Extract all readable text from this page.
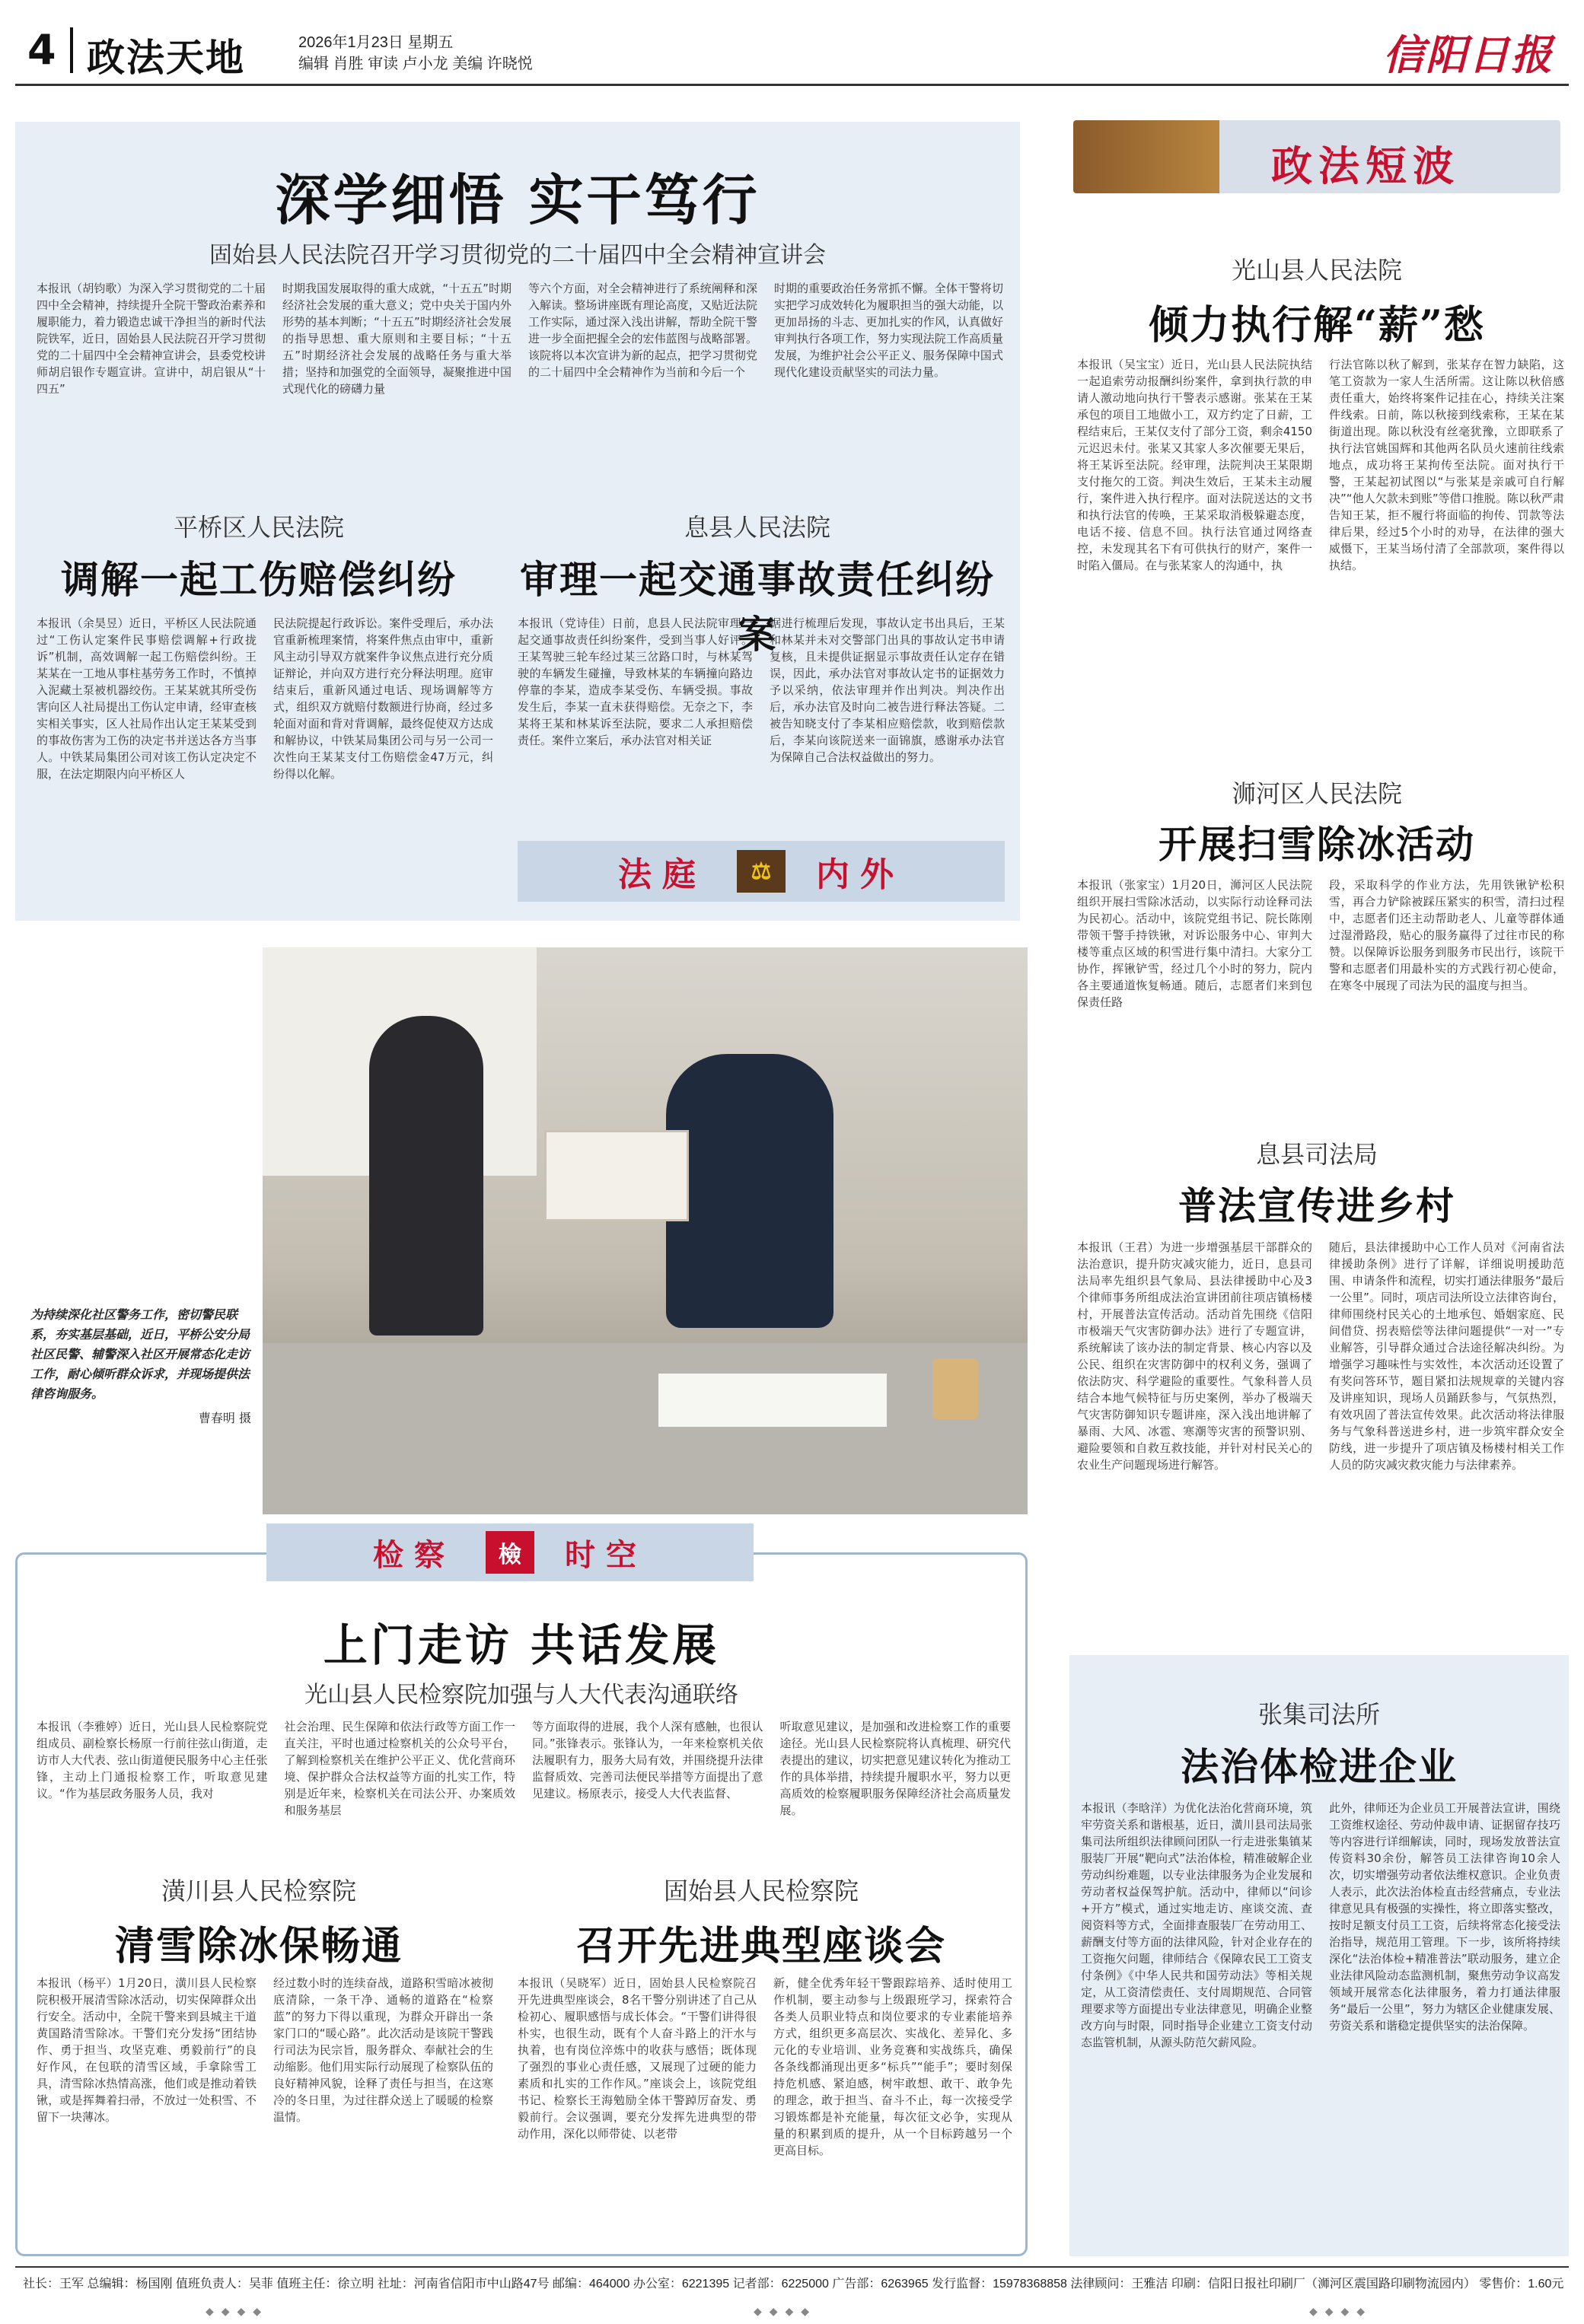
4 政法天地	2026年1月23日 星期五
编辑 肖胜 审读 卢小龙 美编 许晓悦	信阳日报
深学细悟 实干笃行
固始县人民法院召开学习贯彻党的二十届四中全会精神宣讲会

本报讯（胡钧歌）为深入学习贯彻党的二十届四中全会精神，持续提升全院干警政治素养和履职能力，着力锻造忠诚干净担当的新时代法院铁军，近日，固始县人民法院召开学习贯彻党的二十届四中全会精神宣讲会，县委党校讲师胡启银作专题宣讲。宣讲中，胡启银从“十四五”

时期我国发展取得的重大成就，“十五五”时期经济社会发展的重大意义；党中央关于国内外形势的基本判断；“十五五”时期经济社会发展的指导思想、重大原则和主要目标；“十五五”时期经济社会发展的战略任务与重大举措；坚持和加强党的全面领导，凝聚推进中国式现代化的磅礴力量

等六个方面，对全会精神进行了系统阐释和深入解读。整场讲座既有理论高度，又贴近法院工作实际，通过深入浅出讲解，帮助全院干警进一步全面把握全会的宏伟蓝图与战略部署。该院将以本次宣讲为新的起点，把学习贯彻党的二十届四中全会精神作为当前和今后一个

时期的重要政治任务常抓不懈。全体干警将切实把学习成效转化为履职担当的强大动能，以更加昂扬的斗志、更加扎实的作风，认真做好审判执行各项工作，努力实现法院工作高质量发展，为维护社会公平正义、服务保障中国式现代化建设贡献坚实的司法力量。

平桥区人民法院
调解一起工伤赔偿纠纷

本报讯（余昊昱）近日，平桥区人民法院通过“工伤认定案件民事赔偿调解+行政拢诉”机制，高效调解一起工伤赔偿纠纷。王某某在一工地从事柱基劳务工作时，不慎掉入泥藏土泵被机器绞伤。王某某就其所受伤害向区人社局提出工伤认定申请，经审查核实相关事实，区人社局作出认定王某某受到的事故伤害为工伤的决定书并送达各方当事人。中铁某局集团公司对该工伤认定决定不服，在法定期限内向平桥区人

民法院提起行政诉讼。案件受理后，承办法官重新梳理案情，将案件焦点由审中，重新风主动引导双方就案件争议焦点进行充分质证辩论，并向双方进行充分释法明理。庭审结束后，重新风通过电话、现场调解等方式，组织双方就赔付数额进行协商，经过多轮面对面和背对背调解，最终促使双方达成和解协议，中铁某局集团公司与另一公司一次性向王某某支付工伤赔偿金47万元，纠纷得以化解。

息县人民法院
审理一起交通事故责任纠纷案

本报讯（党诗佳）日前，息县人民法院审理一起交通事故责任纠纷案件，受到当事人好评。王某驾驶三轮车经过某三岔路口时，与林某驾驶的车辆发生碰撞，导致林某的车辆撞向路边停靠的李某，造成李某受伤、车辆受损。事故发生后，李某一直未获得赔偿。无奈之下，李某将王某和林某诉至法院，要求二人承担赔偿责任。案件立案后，承办法官对相关证

据进行梳理后发现，事故认定书出具后，王某和林某并未对交警部门出具的事故认定书申请复核，且未提供证据显示事故责任认定存在错误，因此，承办法官对事故认定书的证据效力予以采纳，依法审理并作出判决。判决作出后，承办法官及时向二被告进行释法答疑。二被告知晓支付了李某相应赔偿款，收到赔偿款后，李某向该院送来一面锦旗，感谢承办法官为保障自己合法权益做出的努力。

法庭	⚖	内外
为持续深化社区警务工作，密切警民联系，夯实基层基础，近日，平桥公安分局社区民警、辅警深入社区开展常态化走访工作，耐心倾听群众诉求，并现场提供法律咨询服务。
曹春明 摄
检察	檢	时空
上门走访 共话发展
光山县人民检察院加强与人大代表沟通联络

本报讯（李雅婷）近日，光山县人民检察院党组成员、副检察长杨原一行前往弦山街道，走访市人大代表、弦山街道便民服务中心主任张锋，主动上门通报检察工作，听取意见建议。“作为基层政务服务人员，我对

社会治理、民生保障和依法行政等方面工作一直关注，平时也通过检察机关的公众号平台，了解到检察机关在维护公平正义、优化营商环境、保护群众合法权益等方面的扎实工作，特别是近年来，检察机关在司法公开、办案质效和服务基层

等方面取得的进展，我个人深有感触，也很认同。”张锋表示。张锋认为，一年来检察机关依法履职有力，服务大局有效，并围绕提升法律监督质效、完善司法便民举措等方面提出了意见建议。杨原表示，接受人大代表监督、

听取意见建议，是加强和改进检察工作的重要途径。光山县人民检察院将认真梳理、研究代表提出的建议，切实把意见建议转化为推动工作的具体举措，持续提升履职水平，努力以更高质效的检察履职服务保障经济社会高质量发展。

潢川县人民检察院
清雪除冰保畅通

本报讯（杨平）1月20日，潢川县人民检察院积极开展清雪除冰活动，切实保障群众出行安全。活动中，全院干警来到县城主干道黄国路清雪除冰。干警们充分发扬“团结协作、勇于担当、攻坚克难、勇毅前行”的良好作风，在包联的清雪区域，手拿除雪工具，清雪除冰热情高涨，他们或是推动着铁锹，或是挥舞着扫帚，不放过一处积雪、不留下一块薄冰。

经过数小时的连续奋战，道路积雪暗冰被彻底清除，一条干净、通畅的道路在“检察蓝”的努力下得以重现，为群众开辟出一条家门口的“暖心路”。此次活动是该院干警践行司法为民宗旨，服务群众、奉献社会的生动缩影。他们用实际行动展现了检察队伍的良好精神风貌，诠释了责任与担当，在这寒冷的冬日里，为过往群众送上了暖暖的检察温情。

固始县人民检察院
召开先进典型座谈会

本报讯（吴晓军）近日，固始县人民检察院召开先进典型座谈会，8名干警分别讲述了自己从检初心、履职感悟与成长体会。“干警们讲得很朴实，也很生动，既有个人奋斗路上的汗水与执着，也有岗位淬炼中的收获与感悟；既体现了强烈的事业心责任感，又展现了过硬的能力素质和扎实的工作作风。”座谈会上，该院党组书记、检察长王海勉励全体干警踔厉奋发、勇毅前行。会议强调，要充分发挥先进典型的带动作用，深化以师带徒、以老带

新，健全优秀年轻干警跟踪培养、适时使用工作机制，要主动参与上级跟班学习，探索符合各类人员职业特点和岗位要求的专业素能培养方式，组织更多高层次、实战化、差异化、多元化的专业培训、业务竞赛和实战练兵，确保各条线都涌现出更多“标兵”“能手”；要时刻保持危机感、紧迫感，树牢敢想、敢干、敢争先的理念，敢于担当、奋斗不止，每一次接受学习锻炼都是补充能量，每次征文必争，实现从量的积累到质的提升，从一个目标跨越另一个更高目标。

政法短波
光山县人民法院
倾力执行解“薪”愁

本报讯（吴宝宝）近日，光山县人民法院执结一起追索劳动报酬纠纷案件，拿到执行款的申请人激动地向执行干警表示感谢。张某在王某承包的项目工地做小工，双方约定了日薪，工程结束后，王某仅支付了部分工资，剩余4150元迟迟未付。张某又其家人多次催要无果后，将王某诉至法院。经审理，法院判决王某限期支付拖欠的工资。判决生效后，王某未主动履行，案件进入执行程序。面对法院送达的文书和执行法官的传唤，王某采取消极躲避态度，电话不接、信息不回。执行法官通过网络查控，未发现其名下有可供执行的财产，案件一时陷入僵局。在与张某家人的沟通中，执

行法官陈以秋了解到，张某存在智力缺陷，这笔工资款为一家人生活所需。这让陈以秋倍感责任重大，始终将案件记挂在心，持续关注案件线索。日前，陈以秋接到线索称，王某在某街道出现。陈以秋没有丝毫犹豫，立即联系了执行法官姚国辉和其他两名队员火速前往线索地点，成功将王某拘传至法院。面对执行干警，王某起初试图以“与张某是亲戚可自行解决”“他人欠款未到账”等借口推脱。陈以秋严肃告知王某，拒不履行将面临的拘传、罚款等法律后果，经过5个小时的劝导，在法律的强大威慑下，王某当场付清了全部款项，案件得以执结。

浉河区人民法院
开展扫雪除冰活动

本报讯（张家宝）1月20日，浉河区人民法院组织开展扫雪除冰活动，以实际行动诠释司法为民初心。活动中，该院党组书记、院长陈刚带领干警手持铁锹，对诉讼服务中心、审判大楼等重点区域的积雪进行集中清扫。大家分工协作，挥锹铲雪，经过几个小时的努力，院内各主要通道恢复畅通。随后，志愿者们来到包保责任路

段，采取科学的作业方法，先用铁锹铲松积雪，再合力铲除被踩压紧实的积雪，清扫过程中，志愿者们还主动帮助老人、儿童等群体通过湿滑路段，贴心的服务赢得了过往市民的称赞。以保障诉讼服务到服务市民出行，该院干警和志愿者们用最朴实的方式践行初心使命，在寒冬中展现了司法为民的温度与担当。

息县司法局
普法宣传进乡村

本报讯（王君）为进一步增强基层干部群众的法治意识，提升防灾减灾能力，近日，息县司法局率先组织县气象局、县法律援助中心及3个律师事务所组成法治宣讲团前往项店镇杨楼村，开展普法宣传活动。活动首先围绕《信阳市极端天气灾害防御办法》进行了专题宣讲，系统解读了该办法的制定背景、核心内容以及公民、组织在灾害防御中的权利义务，强调了依法防灾、科学避险的重要性。气象科普人员结合本地气候特征与历史案例，举办了极端天气灾害防御知识专题讲座，深入浅出地讲解了暴雨、大风、冰雹、寒潮等灾害的预警识别、避险要领和自救互救技能，并针对村民关心的农业生产问题现场进行解答。

随后，县法律援助中心工作人员对《河南省法律援助条例》进行了详解，详细说明援助范围、申请条件和流程，切实打通法律服务“最后一公里”。同时，项店司法所设立法律咨询台，律师围绕村民关心的土地承包、婚姻家庭、民间借贷、拐表赔偿等法律问题提供“一对一”专业解答，引导群众通过合法途径解决纠纷。为增强学习趣味性与实效性，本次活动还设置了有奖问答环节，题目紧扣法规规章的关键内容及讲座知识，现场人员踊跃参与，气氛热烈，有效巩固了普法宣传效果。此次活动将法律服务与气象科普送进乡村，进一步筑牢群众安全防线，进一步提升了项店镇及杨楼村相关工作人员的防灾减灾救灾能力与法律素养。

张集司法所
法治体检进企业

本报讯（李晗洋）为优化法治化营商环境，筑牢劳资关系和谐根基，近日，潢川县司法局张集司法所组织法律顾问团队一行走进张集镇某服装厂开展“靶向式”法治体检，精准破解企业劳动纠纷难题，以专业法律服务为企业发展和劳动者权益保驾护航。活动中，律师以“问诊+开方”模式，通过实地走访、座谈交流、查阅资料等方式，全面排查服装厂在劳动用工、薪酬支付等方面的法律风险，针对企业存在的工资拖欠问题，律师结合《保障农民工工资支付条例》《中华人民共和国劳动法》等相关规定，从工资清偿责任、支付周期规范、合同管理要求等方面提出专业法律意见，明确企业整改方向与时限，同时指导企业建立工资支付动态监管机制，从源头防范欠薪风险。

此外，律师还为企业员工开展普法宣讲，围绕工资维权途径、劳动仲裁申请、证据留存技巧等内容进行详细解读，同时，现场发放普法宣传资料30余份，解答员工法律咨询10余人次，切实增强劳动者依法维权意识。企业负责人表示，此次法治体检直击经营痛点，专业法律意见具有极强的实操性，将立即落实整改，按时足额支付员工工资，后续将常态化接受法治指导，规范用工管理。下一步，该所将持续深化“法治体检+精准普法”联动服务，建立企业法律风险动态监测机制，聚焦劳动争议高发领域开展常态化法律服务，着力打通法律服务“最后一公里”，努力为辖区企业健康发展、劳资关系和谐稳定提供坚实的法治保障。

社长：王军 总编辑：杨国刚 值班负责人：吴菲 值班主任：徐立明 社址：河南省信阳市中山路47号 邮编：464000 办公室：6221395 记者部：6225000 广告部：6263965 发行监督：15978368858 法律顾问：王雅洁 印刷：信阳日报社印刷厂（浉河区震国路印刷物流园内） 零售价：1.60元
◆◆◆◆	◆◆◆◆	◆◆◆◆
